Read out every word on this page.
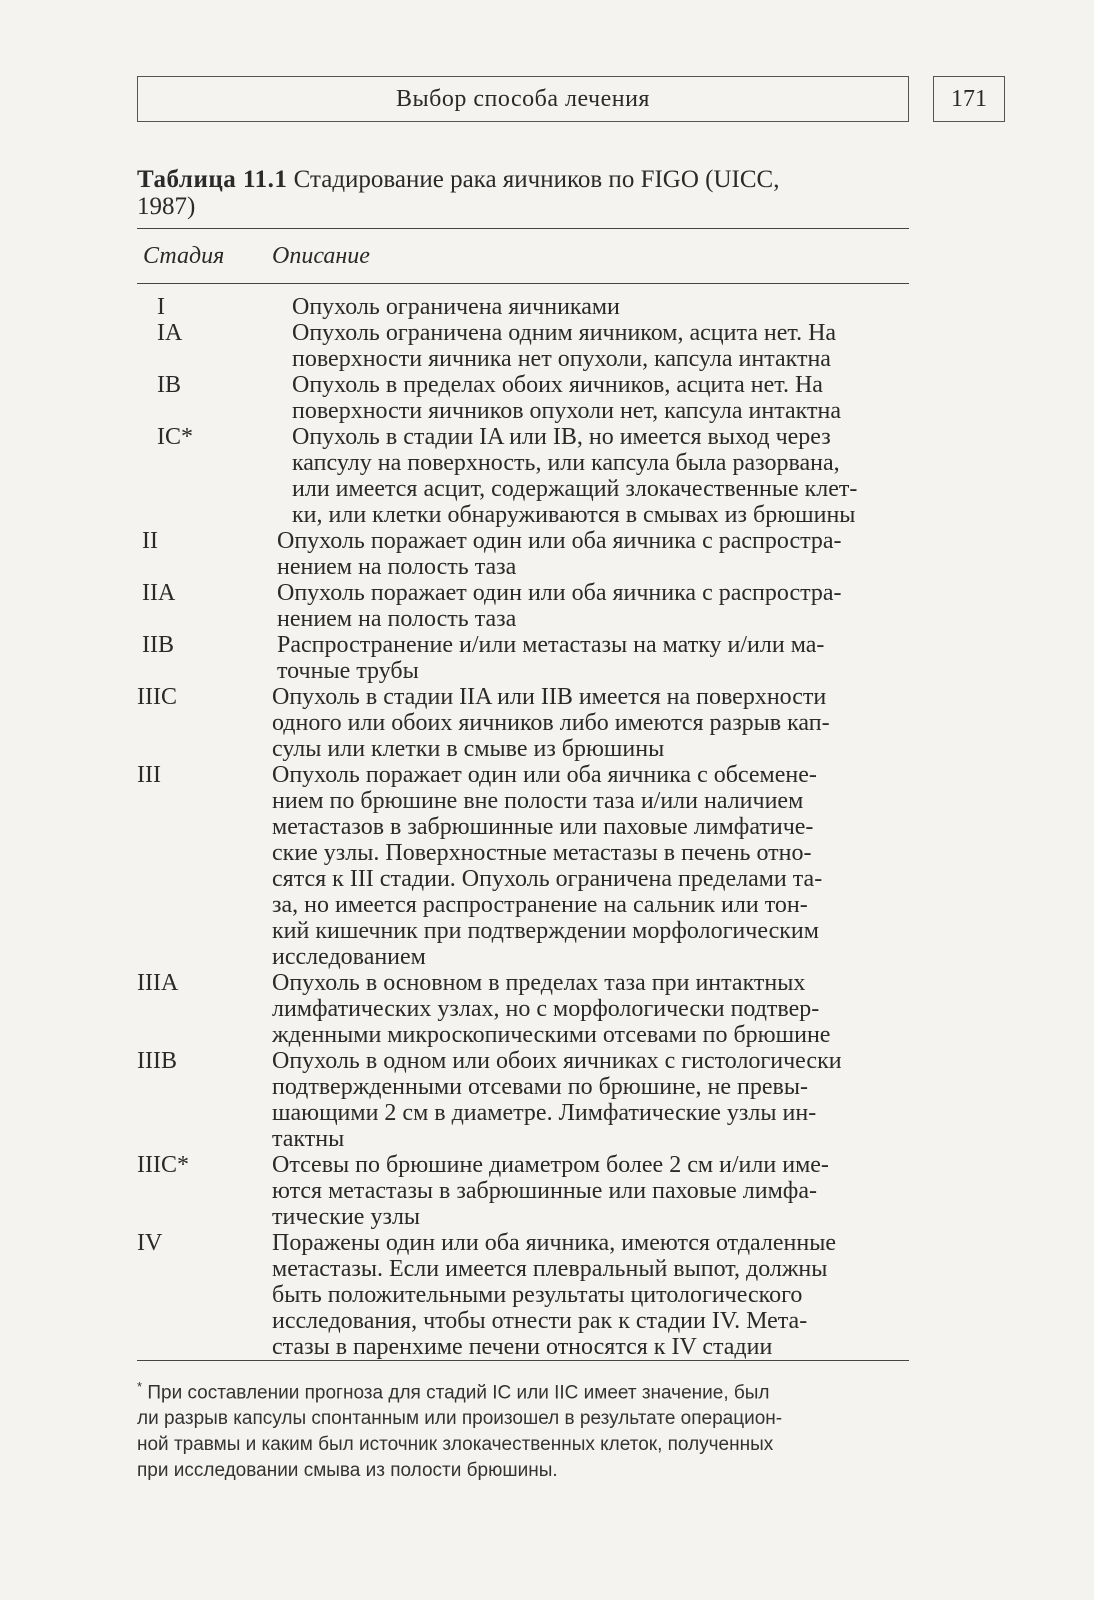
Выбор способа лечения	171
Таблица 11.1 Стадирование рака яичников по FIGO (UICC,
1987)
Стадия Описание
I	Опухоль ограничена яичниками
IA	Опухоль ограничена одним яичником, асцита нет. На
поверхности яичника нет опухоли, капсула интактна
IB	Опухоль в пределах обоих яичников, асцита нет. На
поверхности яичников опухоли нет, капсула интактна
IC*	Опухоль в стадии IA или IB, но имеется выход через
капсулу на поверхность, или капсула была разорвана,
или имеется асцит, содержащий злокачественные клет-
ки, или клетки обнаруживаются в смывах из брюшины
II	Опухоль поражает один или оба яичника с распростра-
нением на полость таза
IIA	Опухоль поражает один или оба яичника с распростра-
нением на полость таза
IIB	Распространение и/или метастазы на матку и/или ма-
точные трубы
IIIC	Опухоль в стадии IIA или IIB имеется на поверхности
одного или обоих яичников либо имеются разрыв кап-
сулы или клетки в смыве из брюшины
III	Опухоль поражает один или оба яичника с обсемене-
нием по брюшине вне полости таза и/или наличием
метастазов в забрюшинные или паховые лимфатиче-
ские узлы. Поверхностные метастазы в печень отно-
сятся к III стадии. Опухоль ограничена пределами та-
за, но имеется распространение на сальник или тон-
кий кишечник при подтверждении морфологическим
исследованием
IIIA	Опухоль в основном в пределах таза при интактных
лимфатических узлах, но с морфологически подтвер-
жденными микроскопическими отсевами по брюшине
IIIB	Опухоль в одном или обоих яичниках с гистологически
подтвержденными отсевами по брюшине, не превы-
шающими 2 см в диаметре. Лимфатические узлы ин-
тактны
IIIC*	Отсевы по брюшине диаметром более 2 см и/или име-
ются метастазы в забрюшинные или паховые лимфа-
тические узлы
IV	Поражены один или оба яичника, имеются отдаленные
метастазы. Если имеется плевральный выпот, должны
быть положительными результаты цитологического
исследования, чтобы отнести рак к стадии IV. Мета-
стазы в паренхиме печени относятся к IV стадии
* При составлении прогноза для стадий IC или IIC имеет значение, был
ли разрыв капсулы спонтанным или произошел в результате операцион-
ной травмы и каким был источник злокачественных клеток, полученных
при исследовании смыва из полости брюшины.
